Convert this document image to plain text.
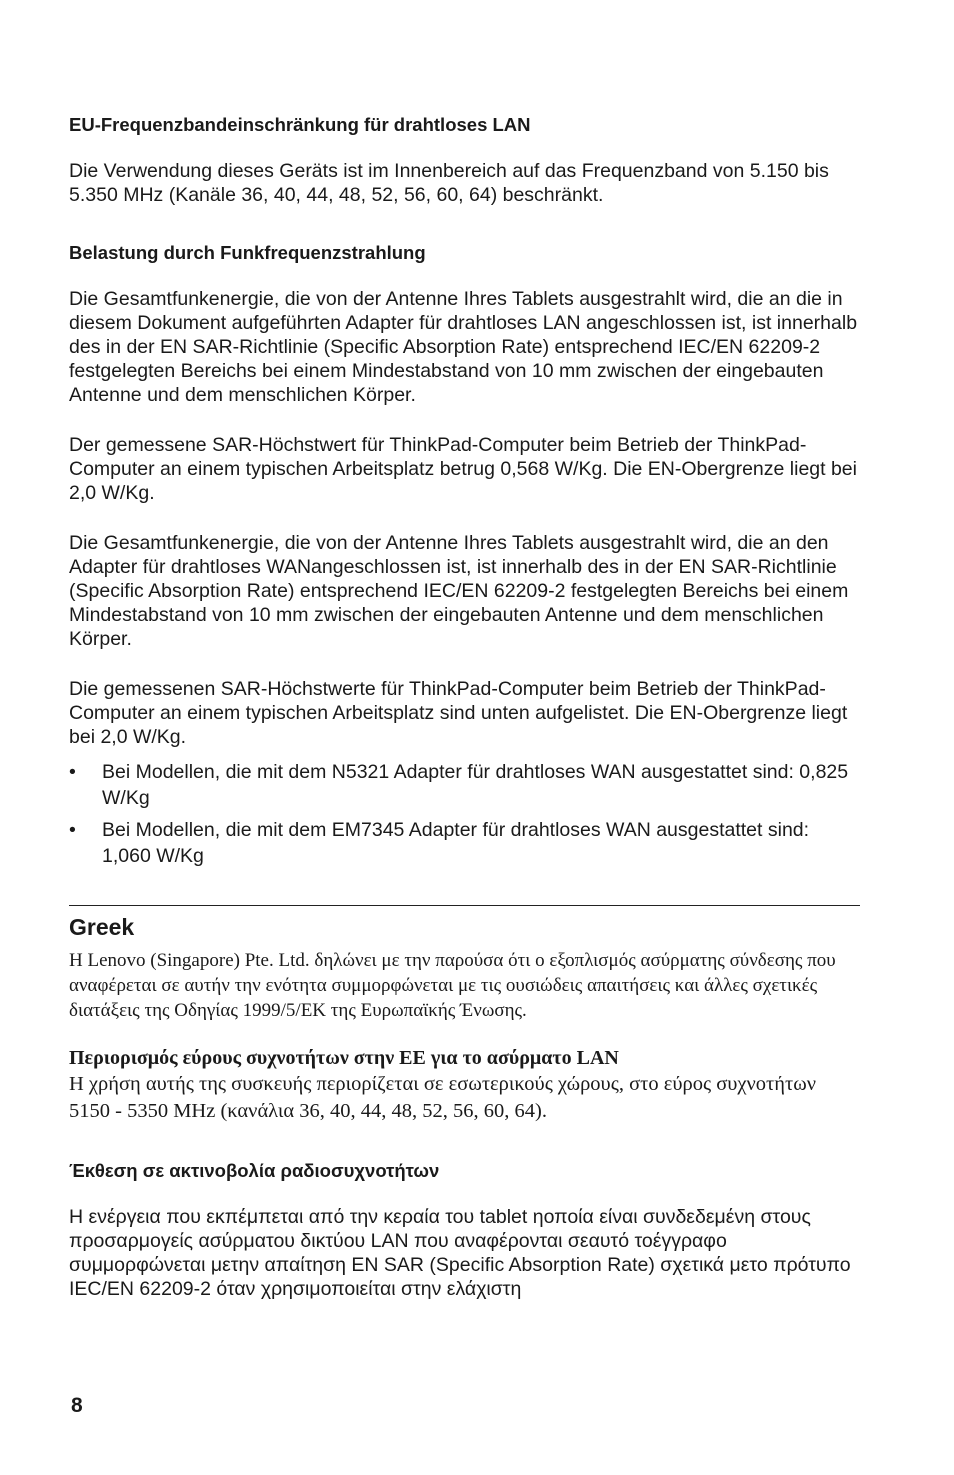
EU-Frequenzbandeinschränkung für drahtloses LAN
Die Verwendung dieses Geräts ist im Innenbereich auf das Frequenzband von 5.150 bis 5.350 MHz (Kanäle 36, 40, 44, 48, 52, 56, 60, 64) beschränkt.
Belastung durch Funkfrequenzstrahlung
Die Gesamtfunkenergie, die von der Antenne Ihres Tablets ausgestrahlt wird, die an die in diesem Dokument aufgeführten Adapter für drahtloses LAN angeschlossen ist, ist innerhalb des in der EN SAR-Richtlinie (Specific Absorption Rate) entsprechend IEC/EN 62209-2 festgelegten Bereichs bei einem Mindestabstand von 10 mm zwischen der eingebauten Antenne und dem menschlichen Körper.
Der gemessene SAR-Höchstwert für ThinkPad-Computer beim Betrieb der ThinkPad-Computer an einem typischen Arbeitsplatz betrug 0,568 W/Kg. Die EN-Obergrenze liegt bei 2,0 W/Kg.
Die Gesamtfunkenergie, die von der Antenne Ihres Tablets ausgestrahlt wird, die an den Adapter für drahtloses WANangeschlossen ist, ist innerhalb des in der EN SAR-Richtlinie (Specific Absorption Rate) entsprechend IEC/EN 62209-2 festgelegten Bereichs bei einem Mindestabstand von 10 mm zwischen der eingebauten Antenne und dem menschlichen Körper.
Die gemessenen SAR-Höchstwerte für ThinkPad-Computer beim Betrieb der ThinkPad-Computer an einem typischen Arbeitsplatz sind unten aufgelistet. Die EN-Obergrenze liegt bei 2,0 W/Kg.
• Bei Modellen, die mit dem N5321 Adapter für drahtloses WAN ausgestattet sind: 0,825 W/Kg
• Bei Modellen, die mit dem EM7345 Adapter für drahtloses WAN ausgestattet sind: 1,060 W/Kg
Greek
Η Lenovo (Singapore) Pte. Ltd. δηλώνει με την παρούσα ότι ο εξοπλισμός ασύρματης σύνδεσης που αναφέρεται σε αυτήν την ενότητα συμμορφώνεται με τις ουσιώδεις απαιτήσεις και άλλες σχετικές διατάξεις της Οδηγίας 1999/5/ΕΚ της Ευρωπαϊκής Ένωσης.
Περιορισμός εύρους συχνοτήτων στην ΕΕ για το ασύρματο LAN
Η χρήση αυτής της συσκευής περιορίζεται σε εσωτερικούς χώρους, στο εύρος συχνοτήτων 5150 - 5350 MHz (κανάλια 36, 40, 44, 48, 52, 56, 60, 64).
Έκθεση σε ακτινοβολία ραδιοσυχνοτήτων
Η ενέργεια που εκπέμπεται από την κεραία του tablet ηοποία είναι συνδεδεμένη στους προσαρμογείς ασύρματου δικτύου LAN που αναφέρονται σεαυτό τοέγγραφο συμμορφώνεται μετην απαίτηση EN SAR (Specific Absorption Rate) σχετικά μετο πρότυπο IEC/EN 62209-2 όταν χρησιμοποιείται στην ελάχιστη
8
